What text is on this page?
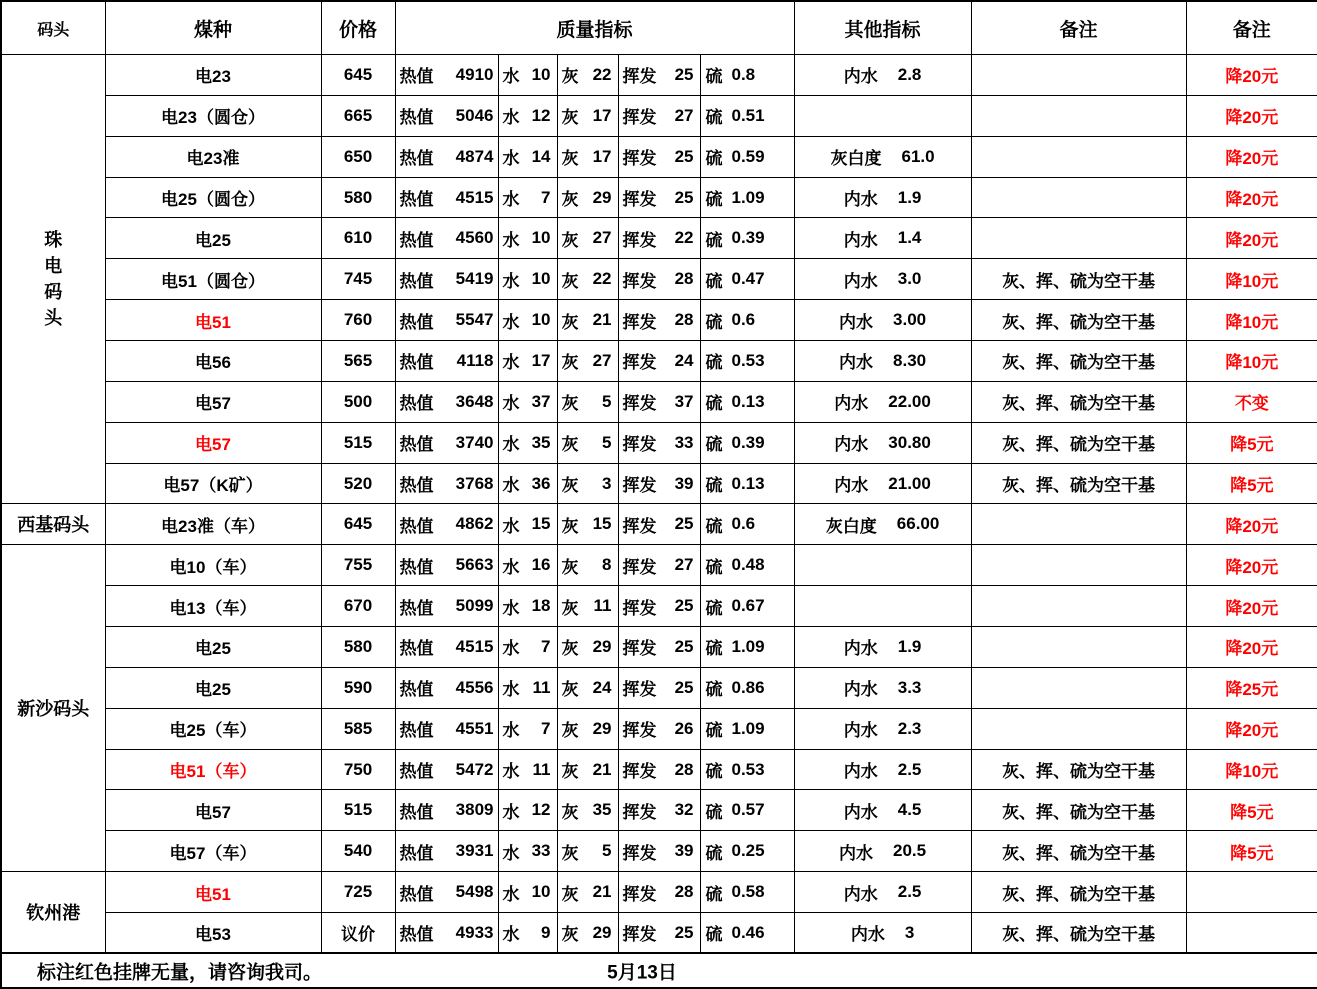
码头	煤种	价格	质量指标					其他指标	备注	备注

珠电码头	电23	645	热值 4910	水 10	灰 22	挥发 25	硫 0.8	内水 2.8		降20元
	电23（圆仓）	665	热值 5046	水 12	灰 17	挥发 27	硫 0.51			降20元
	电23准	650	热值 4874	水 14	灰 17	挥发 25	硫 0.59	灰白度 61.0		降20元
	电25（圆仓）	580	热值 4515	水 7	灰 29	挥发 25	硫 1.09	内水 1.9		降20元
	电25	610	热值 4560	水 10	灰 27	挥发 22	硫 0.39	内水 1.4		降20元
	电51（圆仓）	745	热值 5419	水 10	灰 22	挥发 28	硫 0.47	内水 3.0	灰、挥、硫为空干基	降10元
	电51	760	热值 5547	水 10	灰 21	挥发 28	硫 0.6	内水 3.00	灰、挥、硫为空干基	降10元
	电56	565	热值 4118	水 17	灰 27	挥发 24	硫 0.53	内水 8.30	灰、挥、硫为空干基	降10元
	电57	500	热值 3648	水 37	灰 5	挥发 37	硫 0.13	内水 22.00	灰、挥、硫为空干基	不变
	电57	515	热值 3740	水 35	灰 5	挥发 33	硫 0.39	内水 30.80	灰、挥、硫为空干基	降5元
	电57（K矿）	520	热值 3768	水 36	灰 3	挥发 39	硫 0.13	内水 21.00	灰、挥、硫为空干基	降5元

西基码头	电23准（车）	645	热值 4862	水 15	灰 15	挥发 25	硫 0.6	灰白度 66.00		降20元

新沙码头	电10（车）	755	热值 5663	水 16	灰 8	挥发 27	硫 0.48			降20元
	电13（车）	670	热值 5099	水 18	灰 11	挥发 25	硫 0.67			降20元
	电25	580	热值 4515	水 7	灰 29	挥发 25	硫 1.09	内水 1.9		降20元
	电25	590	热值 4556	水 11	灰 24	挥发 25	硫 0.86	内水 3.3		降25元
	电25（车）	585	热值 4551	水 7	灰 29	挥发 26	硫 1.09	内水 2.3		降20元
	电51（车）	750	热值 5472	水 11	灰 21	挥发 28	硫 0.53	内水 2.5	灰、挥、硫为空干基	降10元
	电57	515	热值 3809	水 12	灰 35	挥发 32	硫 0.57	内水 4.5	灰、挥、硫为空干基	降5元
	电57（车）	540	热值 3931	水 33	灰 5	挥发 39	硫 0.25	内水 20.5	灰、挥、硫为空干基	降5元

钦州港	电51	725	热值 5498	水 10	灰 21	挥发 28	硫 0.58	内水 2.5	灰、挥、硫为空干基	
	电53	议价	热值 4933	水 9	灰 29	挥发 25	硫 0.46	内水 3	灰、挥、硫为空干基	

标注红色挂牌无量，请咨询我司。 5月13日										
